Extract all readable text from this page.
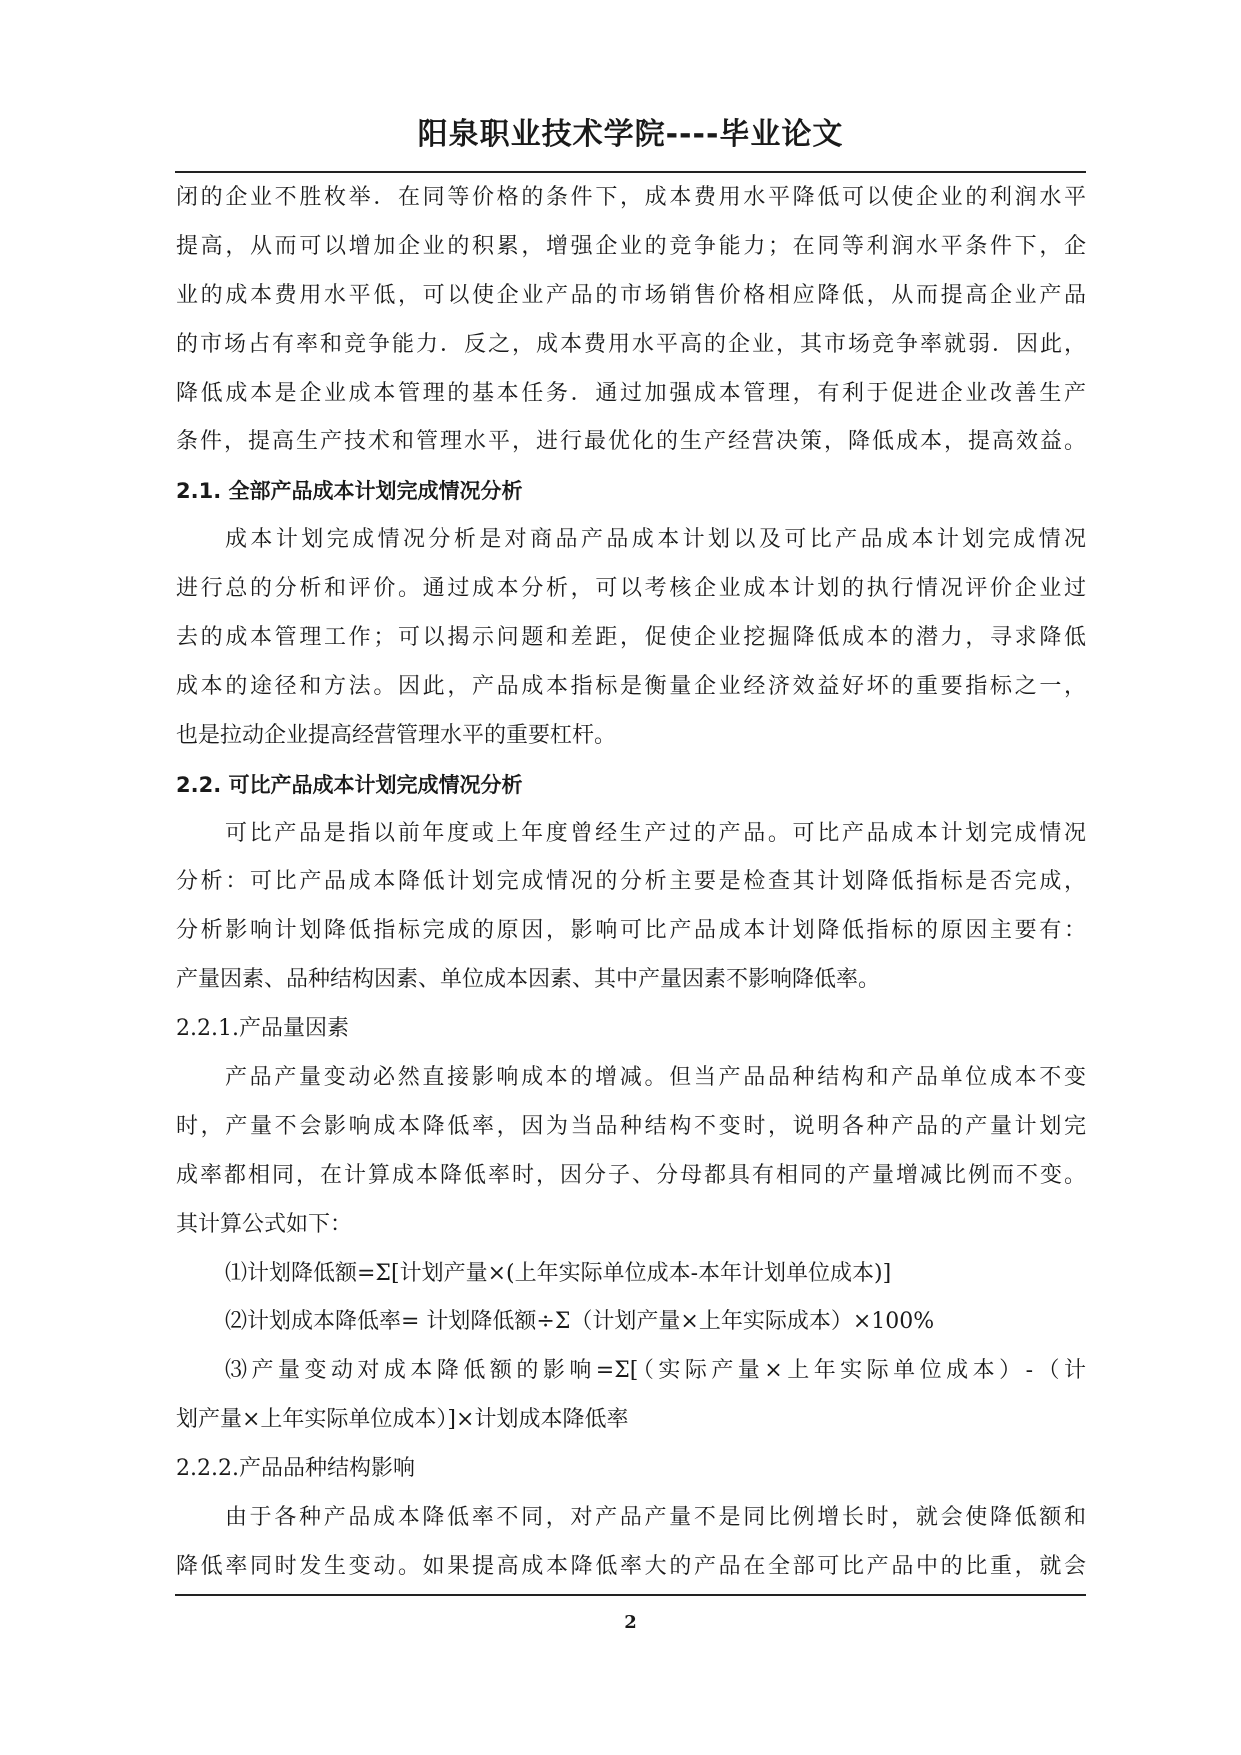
阳泉职业技术学院----毕业论文
闭的企业不胜枚举．在同等价格的条件下，成本费用水平降低可以使企业的利润水平
提高，从而可以增加企业的积累，增强企业的竞争能力；在同等利润水平条件下，企
业的成本费用水平低，可以使企业产品的市场销售价格相应降低，从而提高企业产品
的市场占有率和竞争能力．反之，成本费用水平高的企业，其市场竞争率就弱．因此，
降低成本是企业成本管理的基本任务．通过加强成本管理，有利于促进企业改善生产
条件，提高生产技术和管理水平，进行最优化的生产经营决策，降低成本，提高效益。
2.1. 全部产品成本计划完成情况分析
成本计划完成情况分析是对商品产品成本计划以及可比产品成本计划完成情况
进行总的分析和评价。通过成本分析，可以考核企业成本计划的执行情况评价企业过
去的成本管理工作；可以揭示问题和差距，促使企业挖掘降低成本的潜力，寻求降低
成本的途径和方法。因此，产品成本指标是衡量企业经济效益好坏的重要指标之一，
也是拉动企业提高经营管理水平的重要杠杆。
2.2. 可比产品成本计划完成情况分析
可比产品是指以前年度或上年度曾经生产过的产品。可比产品成本计划完成情况
分析：可比产品成本降低计划完成情况的分析主要是检查其计划降低指标是否完成，
分析影响计划降低指标完成的原因，影响可比产品成本计划降低指标的原因主要有：
产量因素、品种结构因素、单位成本因素、其中产量因素不影响降低率。
2.2.1.产品量因素
产品产量变动必然直接影响成本的增减。但当产品品种结构和产品单位成本不变
时，产量不会影响成本降低率，因为当品种结构不变时，说明各种产品的产量计划完
成率都相同，在计算成本降低率时，因分子、分母都具有相同的产量增减比例而不变。
其计算公式如下：
⑴计划降低额=Σ[计划产量×(上年实际单位成本-本年计划单位成本)]
⑵计划成本降低率= 计划降低额÷Σ（计划产量×上年实际成本）×100%
⑶产量变动对成本降低额的影响=Σ[（实际产量×上年实际单位成本）-（计
划产量×上年实际单位成本）]×计划成本降低率
2.2.2.产品品种结构影响
由于各种产品成本降低率不同，对产品产量不是同比例增长时，就会使降低额和
降低率同时发生变动。如果提高成本降低率大的产品在全部可比产品中的比重，就会
2
